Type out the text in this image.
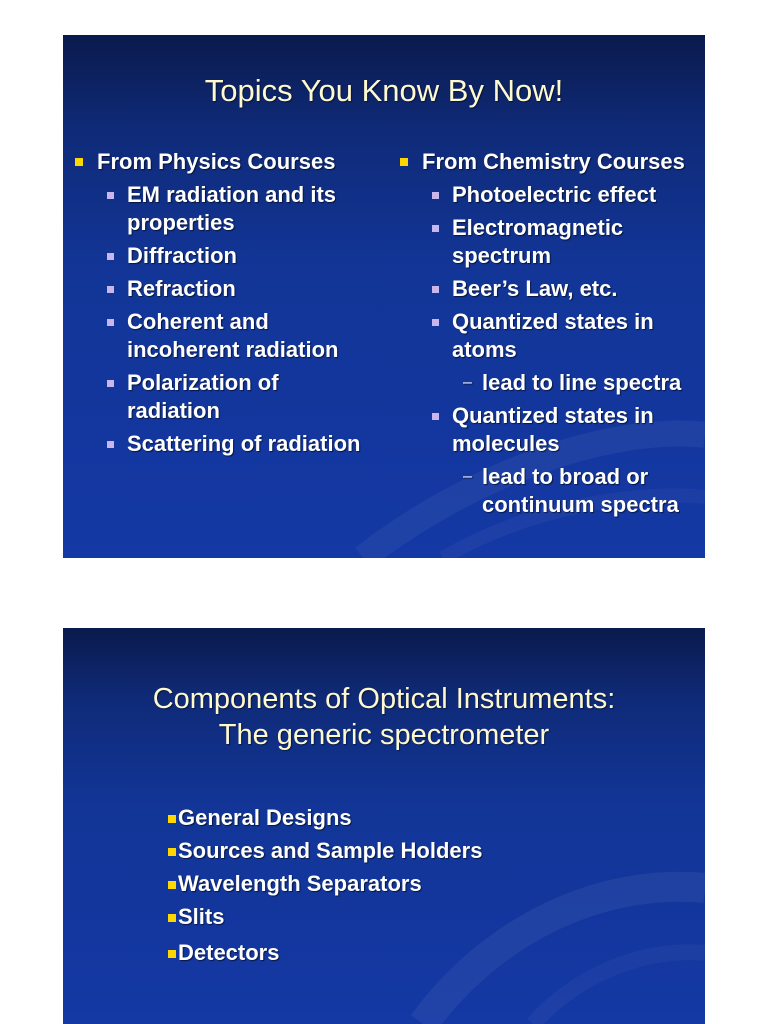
Topics You Know By Now!
From Physics Courses
EM radiation and its properties
Diffraction
Refraction
Coherent and incoherent radiation
Polarization of radiation
Scattering of radiation
From Chemistry Courses
Photoelectric effect
Electromagnetic spectrum
Beer’s Law, etc.
Quantized states in atoms
– lead to line spectra
Quantized states in molecules
– lead to broad or continuum spectra
Components of Optical Instruments:
The generic spectrometer
General Designs
Sources and Sample Holders
Wavelength Separators
Slits
Detectors
